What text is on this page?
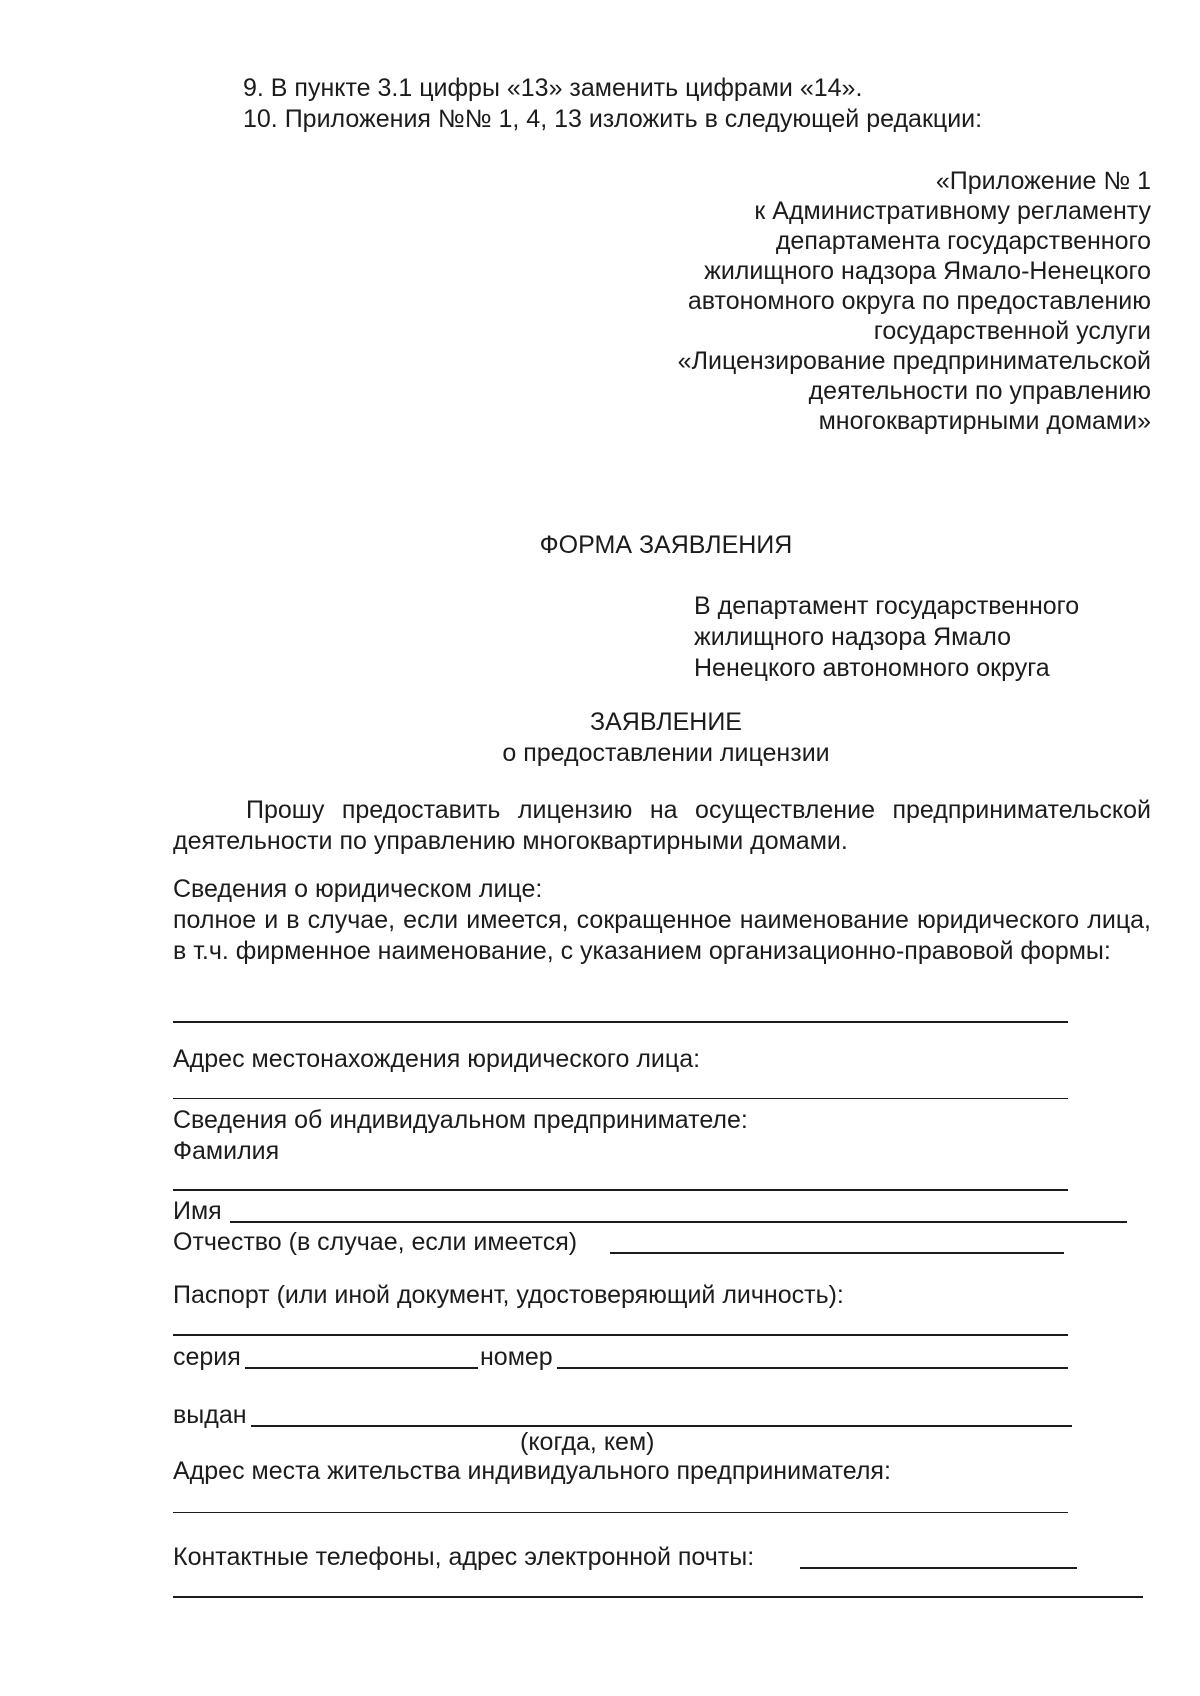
9. В пункте 3.1 цифры «13» заменить цифрами «14».
10. Приложения №№ 1, 4, 13 изложить в следующей редакции:
«Приложение № 1
к Административному регламенту
департамента государственного
жилищного надзора Ямало-Ненецкого
автономного округа по предоставлению
государственной услуги
«Лицензирование предпринимательской
деятельности по управлению
многоквартирными домами»
ФОРМА ЗАЯВЛЕНИЯ
В департамент государственного
жилищного надзора Ямало
Ненецкого автономного округа
ЗАЯВЛЕНИЕ
о предоставлении лицензии
Прошу предоставить лицензию на осуществление предпринимательской деятельности по управлению многоквартирными домами.
Сведения о юридическом лице:
полное и в случае, если имеется, сокращенное наименование юридического лица, в т.ч. фирменное наименование, с указанием организационно-правовой формы:
Адрес местонахождения юридического лица:
Сведения об индивидуальном предпринимателе:
Фамилия
Имя
Отчество (в случае, если имеется)
Паспорт (или иной документ, удостоверяющий личность):
серия	номер
выдан
(когда, кем)
Адрес места жительства индивидуального предпринимателя:
Контактные телефоны, адрес электронной почты:
